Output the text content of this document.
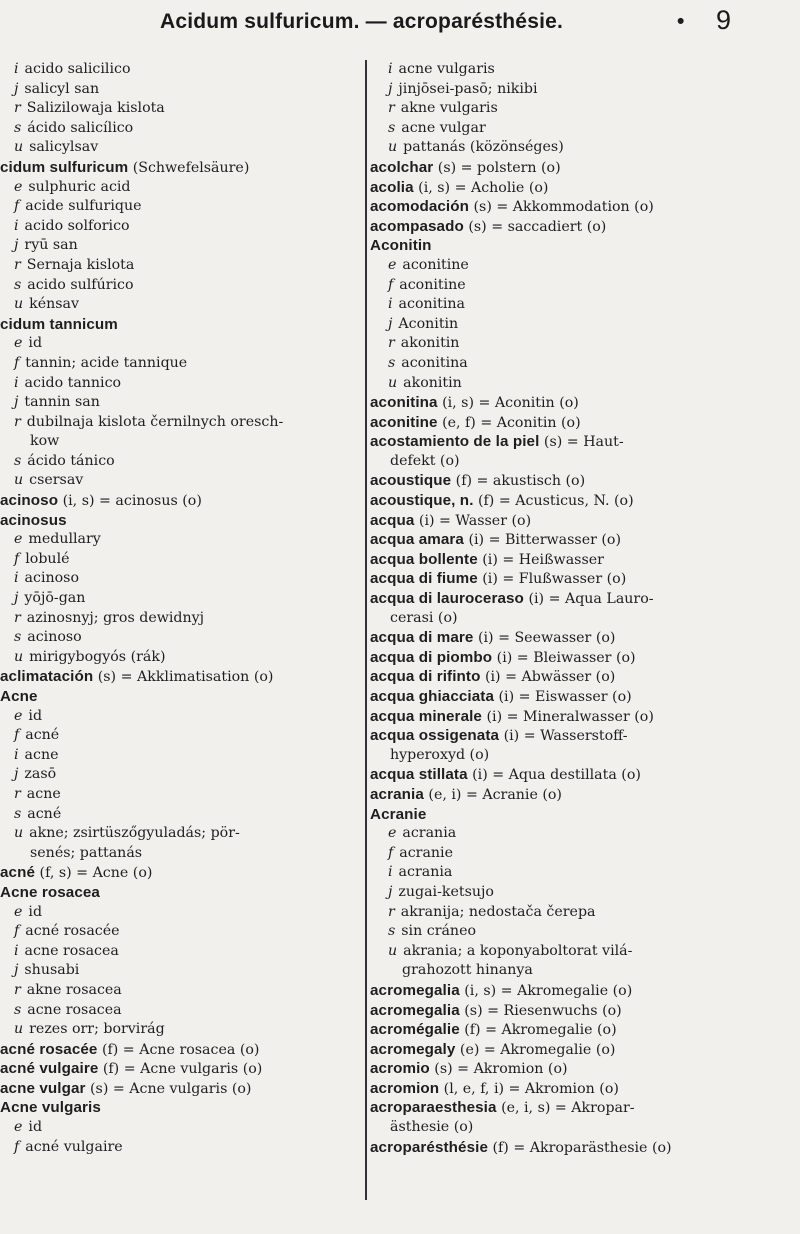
Acidum sulfuricum. — acroparésthésie.	• 9
i acido salicilico
j salicyl san
r Salizilowaja kislota
s ácido salicílico
u salicylsav
cidum sulfuricum (Schwefelsäure)
e sulphuric acid
f acide sulfurique
i acido solforico
j ryū san
r Sernaja kislota
s acido sulfúrico
u kénsav
cidum tannicum
e id
f tannin; acide tannique
i acido tannico
j tannin san
r dubilnaja kislota černilnych oresch-
kow
s ácido tánico
u csersav
acinoso (i, s) = acinosus (o)
acinosus
e medullary
f lobulé
i acinoso
j yōjō-gan
r azinosnyj; gros dewidnyj
s acinoso
u mirigybogyós (rák)
aclimatación (s) = Akklimatisation (o)
Acne
e id
f acné
i acne
j zasō
r acne
s acné
u akne; zsirtüszőgyuladás; pör-
senés; pattanás
acné (f, s) = Acne (o)
Acne rosacea
e id
f acné rosacée
i acne rosacea
j shusabi
r akne rosacea
s acne rosacea
u rezes orr; borvirág
acné rosacée (f) = Acne rosacea (o)
acné vulgaire (f) = Acne vulgaris (o)
acne vulgar (s) = Acne vulgaris (o)
Acne vulgaris
e id
f acné vulgaire
i acne vulgaris
j jinjōsei-pasō; nikibi
r akne vulgaris
s acne vulgar
u pattanás (közönséges)
acolchar (s) = polstern (o)
acolia (i, s) = Acholie (o)
acomodación (s) = Akkommodation (o)
acompasado (s) = saccadiert (o)
Aconitin
e aconitine
f aconitine
i aconitina
j Aconitin
r akonitin
s aconitina
u akonitin
aconitina (i, s) = Aconitin (o)
aconitine (e, f) = Aconitin (o)
acostamiento de la piel (s) = Haut-
defekt (o)
acoustique (f) = akustisch (o)
acoustique, n. (f) = Acusticus, N. (o)
acqua (i) = Wasser (o)
acqua amara (i) = Bitterwasser (o)
acqua bollente (i) = Heißwasser
acqua di fiume (i) = Flußwasser (o)
acqua di lauroceraso (i) = Aqua Lauro-
cerasi (o)
acqua di mare (i) = Seewasser (o)
acqua di piombo (i) = Bleiwasser (o)
acqua di rifinto (i) = Abwässer (o)
acqua ghiacciata (i) = Eiswasser (o)
acqua minerale (i) = Mineralwasser (o)
acqua ossigenata (i) = Wasserstoff-
hyperoxyd (o)
acqua stillata (i) = Aqua destillata (o)
acrania (e, i) = Acranie (o)
Acranie
e acrania
f acranie
i acrania
j zugai-ketsujo
r akranija; nedostača čerepa
s sin cráneo
u akrania; a koponyaboltorat vilá-
grahozott hinanya
acromegalia (i, s) = Akromegalie (o)
acromegalia (s) = Riesenwuchs (o)
acromégalie (f) = Akromegalie (o)
acromegaly (e) = Akromegalie (o)
acromio (s) = Akromion (o)
acromion (l, e, f, i) = Akromion (o)
acroparaesthesia (e, i, s) = Akropar-
ästhesie (o)
acroparésthésie (f) = Akroparästhesie (o)
